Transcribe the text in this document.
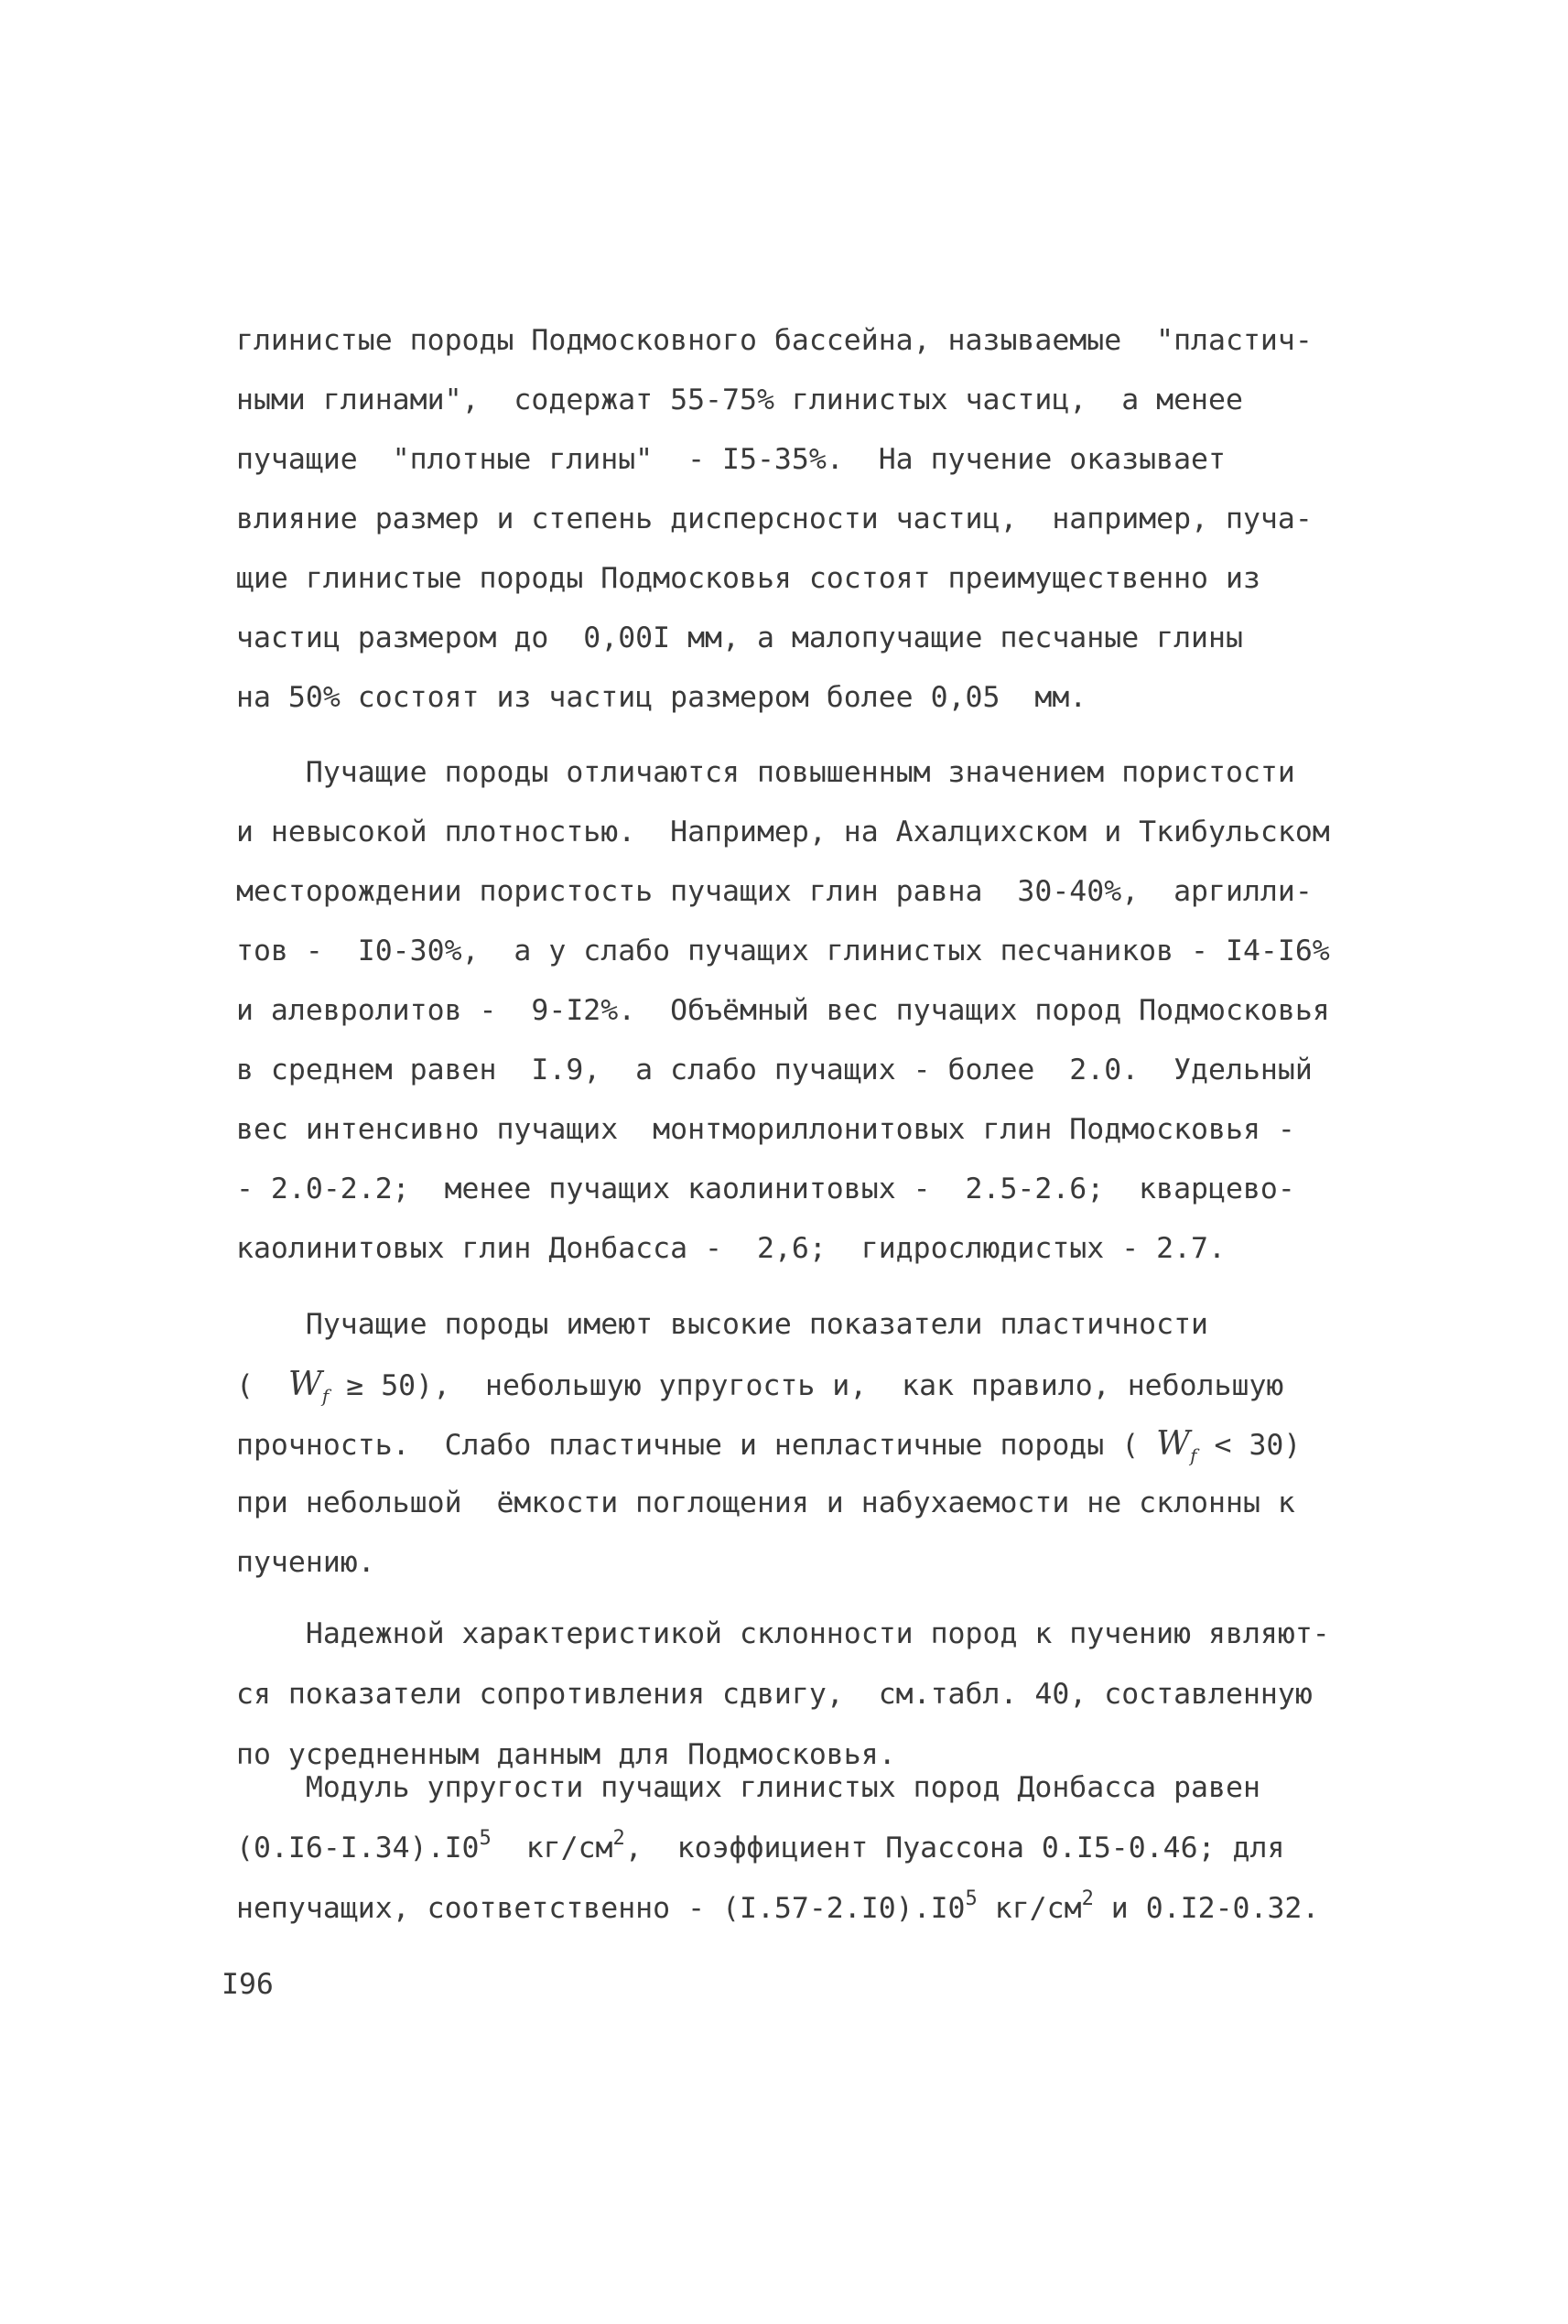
глинистые породы Подмосковного бассейна, называемые  "пластич-
ными глинами",  содержат 55-75% глинистых частиц,  а менее
пучащие  "плотные глины"  - I5-35%.  На пучение оказывает
влияние размер и степень дисперсности частиц,  например, пуча-
щие глинистые породы Подмосковья состоят преимущественно из
частиц размером до  0,00I мм, а малопучащие песчаные глины
на 50% состоят из частиц размером более 0,05  мм.
Пучащие породы отличаются повышенным значением пористости
и невысокой плотностью.  Например, на Ахалцихском и Ткибульском
месторождении пористость пучащих глин равна  30-40%,  аргилли-
тов -  I0-30%,  а у слабо пучащих глинистых песчаников - I4-I6%
и алевролитов -  9-I2%.  Объёмный вес пучащих пород Подмосковья
в среднем равен  I.9,  а слабо пучащих - более  2.0.  Удельный
вес интенсивно пучащих  монтмориллонитовых глин Подмосковья -
- 2.0-2.2;  менее пучащих каолинитовых -  2.5-2.6;  кварцево-
каолинитовых глин Донбасса -  2,6;  гидрослюдистых - 2.7.
Пучащие породы имеют высокие показатели пластичности
(  $W_f \ge 50$),  небольшую упругость и,  как правило, небольшую
прочность.  Слабо пластичные и непластичные породы ( $W_f < 30$)
при небольшой  ёмкости поглощения и набухаемости не склонны к
пучению.
Надежной характеристикой склонности пород к пучению являют-
ся показатели сопротивления сдвигу,  см.табл. 40, составленную
по усредненным данным для Подмосковья.
Модуль упругости пучащих глинистых пород Донбасса равен
$(0.I6-I.34).I0^5$  $кг/см^2$,  коэффициент Пуассона 0.I5-0.46; для
непучащих, соответственно - $(I.57-2.I0).I0^5$ $кг/см^2$ и 0.I2-0.32.
I96
